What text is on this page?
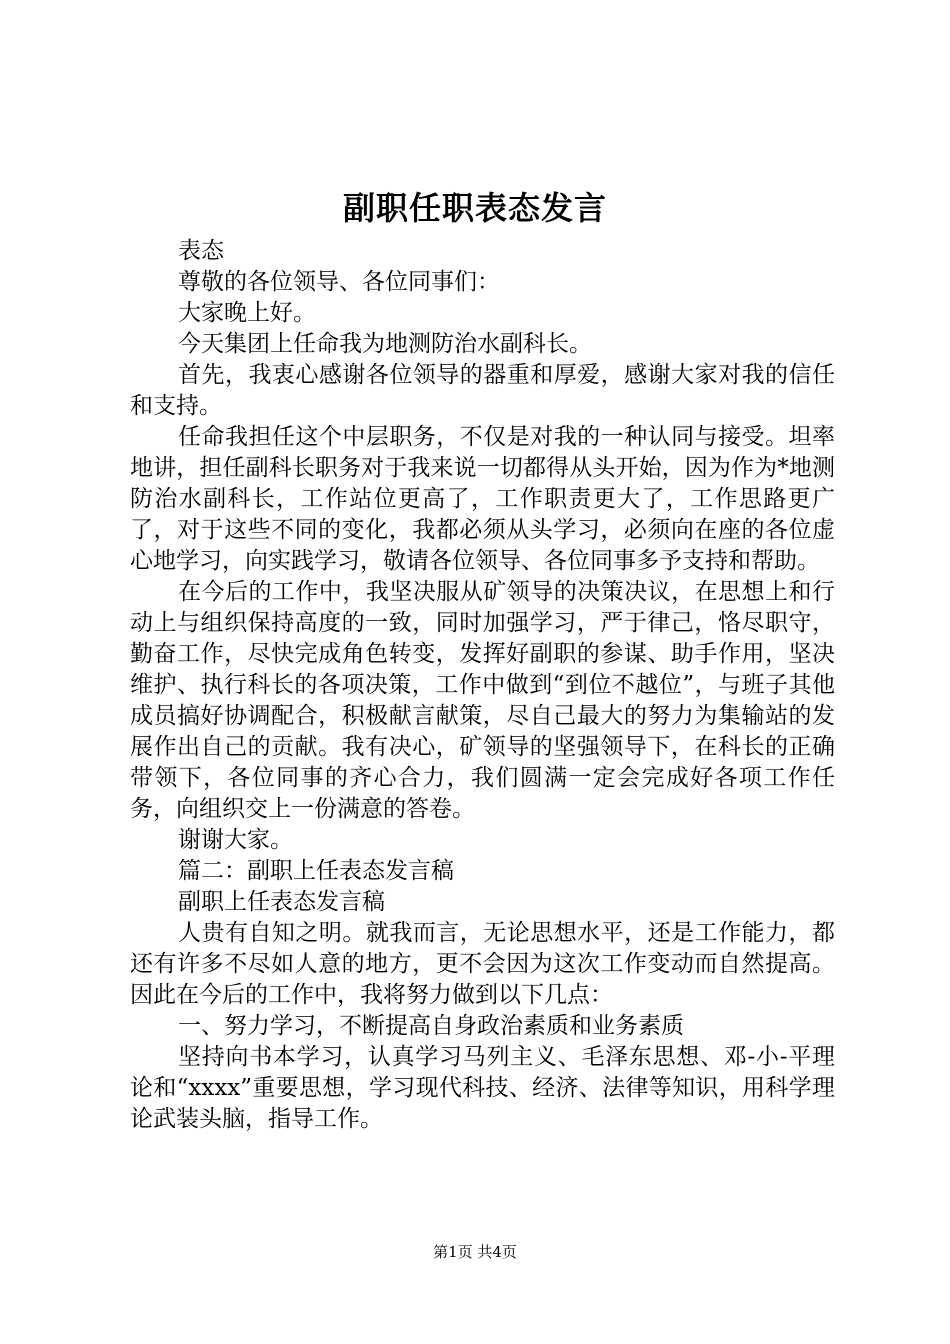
副职任职表态发言

表态

尊敬的各位领导、各位同事们：

大家晚上好。

今天集团上任命我为地测防治水副科长。

首先，我衷心感谢各位领导的器重和厚爱，感谢大家对我的信任和支持。

任命我担任这个中层职务，不仅是对我的一种认同与接受。坦率地讲，担任副科长职务对于我来说一切都得从头开始，因为作为*地测防治水副科长，工作站位更高了，工作职责更大了，工作思路更广了，对于这些不同的变化，我都必须从头学习，必须向在座的各位虚心地学习，向实践学习，敬请各位领导、各位同事多予支持和帮助。

在今后的工作中，我坚决服从矿领导的决策决议，在思想上和行动上与组织保持高度的一致，同时加强学习，严于律己，恪尽职守，勤奋工作，尽快完成角色转变，发挥好副职的参谋、助手作用，坚决维护、执行科长的各项决策，工作中做到“到位不越位”，与班子其他成员搞好协调配合，积极献言献策，尽自己最大的努力为集输站的发展作出自己的贡献。我有决心，矿领导的坚强领导下，在科长的正确带领下，各位同事的齐心合力，我们圆满一定会完成好各项工作任务，向组织交上一份满意的答卷。

谢谢大家。

篇二：副职上任表态发言稿

副职上任表态发言稿

人贵有自知之明。就我而言，无论思想水平，还是工作能力，都还有许多不尽如人意的地方，更不会因为这次工作变动而自然提高。因此在今后的工作中，我将努力做到以下几点：

一、努力学习，不断提高自身政治素质和业务素质

坚持向书本学习，认真学习马列主义、毛泽东思想、邓-小-平理论和“xxxx”重要思想，学习现代科技、经济、法律等知识，用科学理论武装头脑，指导工作。

第1页 共4页
